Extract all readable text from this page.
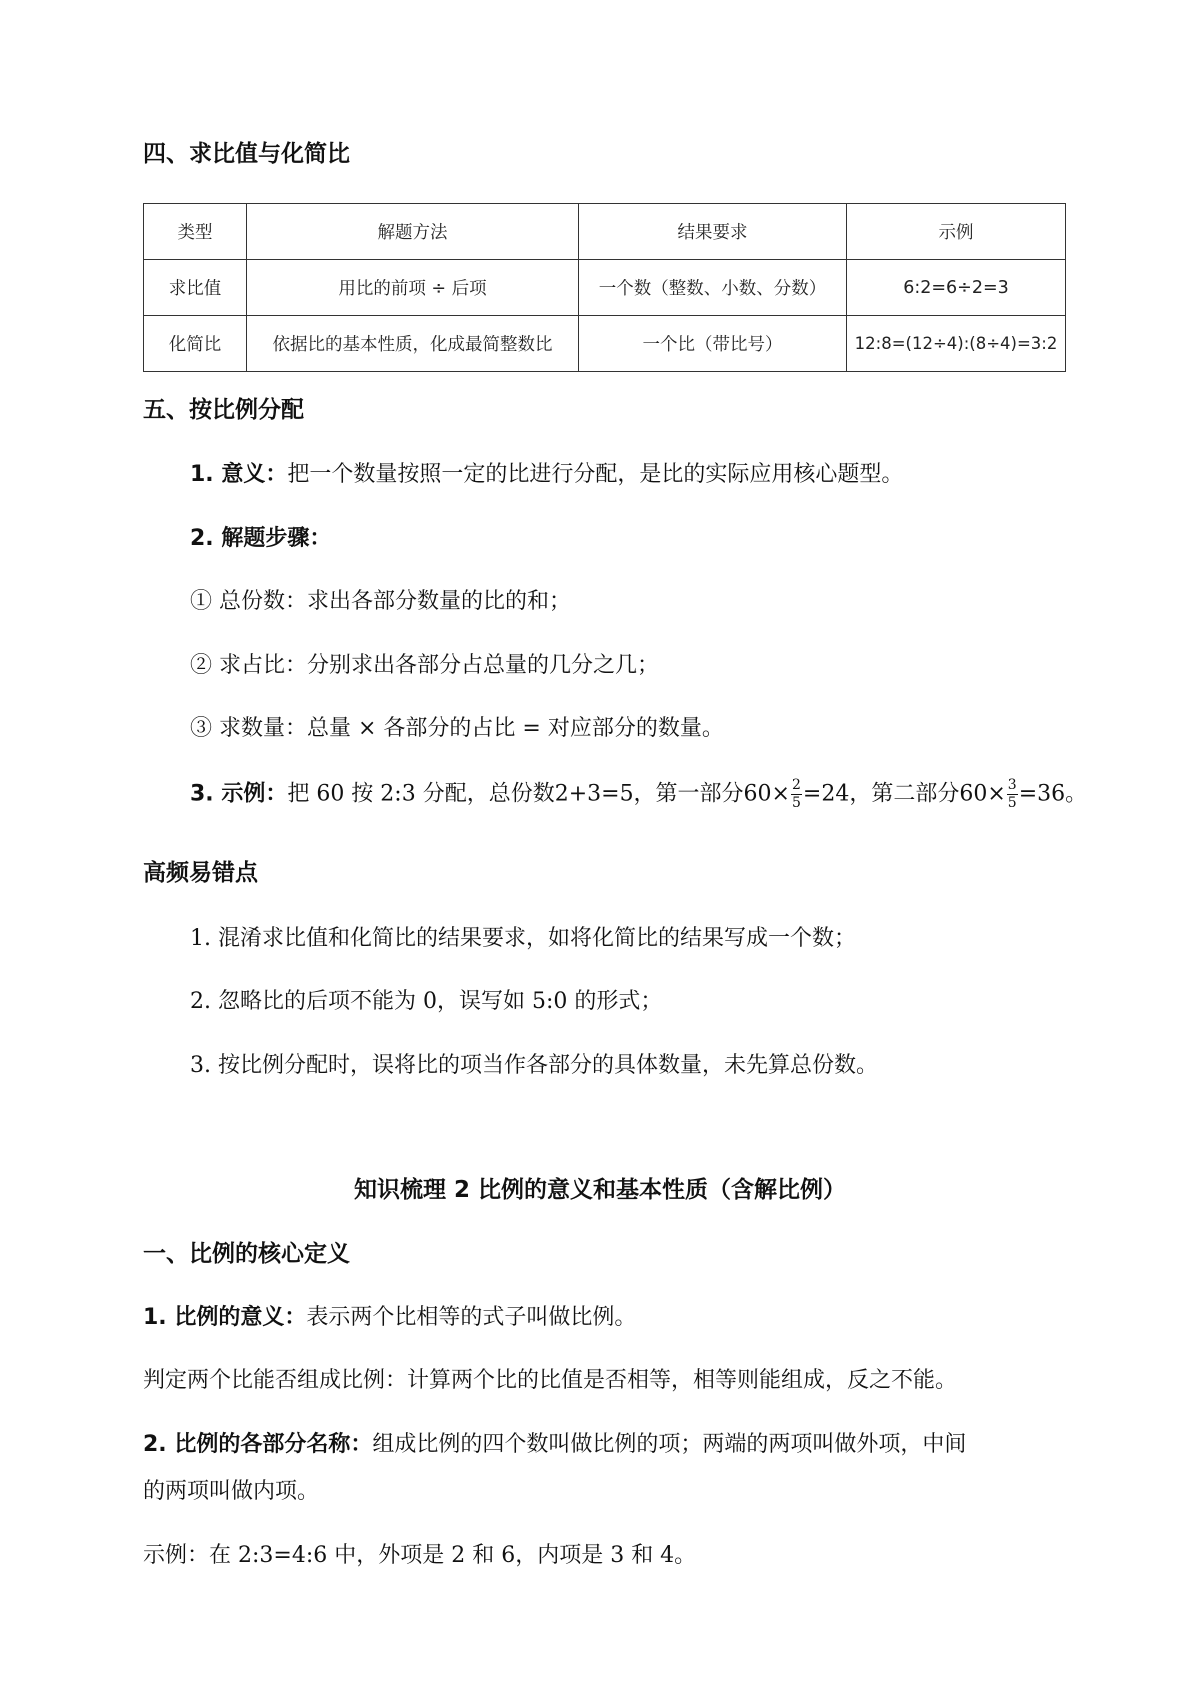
四、求比值与化简比
类型	解题方法	结果要求	示例
求比值	用比的前项 ÷ 后项	一个数（整数、小数、分数）	6:2=6÷2=3
化简比	依据比的基本性质，化成最简整数比	一个比（带比号）	12:8=(12÷4):(8÷4)=3:2
五、按比例分配
1. 意义：把一个数量按照一定的比进行分配，是比的实际应用核心题型。
2. 解题步骤：
① 总份数：求出各部分数量的比的和；
② 求占比：分别求出各部分占总量的几分之几；
③ 求数量：总量 × 各部分的占比 = 对应部分的数量。
3. 示例：把 60 按 2:3 分配，总份数2+3=5，第一部分$60\times \frac{2}{5} =24$，第二部分$60\times \frac{3}{5} =36$。
高频易错点
1. 混淆求比值和化简比的结果要求，如将化简比的结果写成一个数；
2. 忽略比的后项不能为 0，误写如 5:0 的形式；
3. 按比例分配时，误将比的项当作各部分的具体数量，未先算总份数。
知识梳理 2 比例的意义和基本性质（含解比例）
一、比例的核心定义
1. 比例的意义：表示两个比相等的式子叫做比例。
判定两个比能否组成比例：计算两个比的比值是否相等，相等则能组成，反之不能。
2. 比例的各部分名称：组成比例的四个数叫做比例的项；两端的两项叫做外项，中间
的两项叫做内项。
示例：在 2:3=4:6 中，外项是 2 和 6，内项是 3 和 4。
